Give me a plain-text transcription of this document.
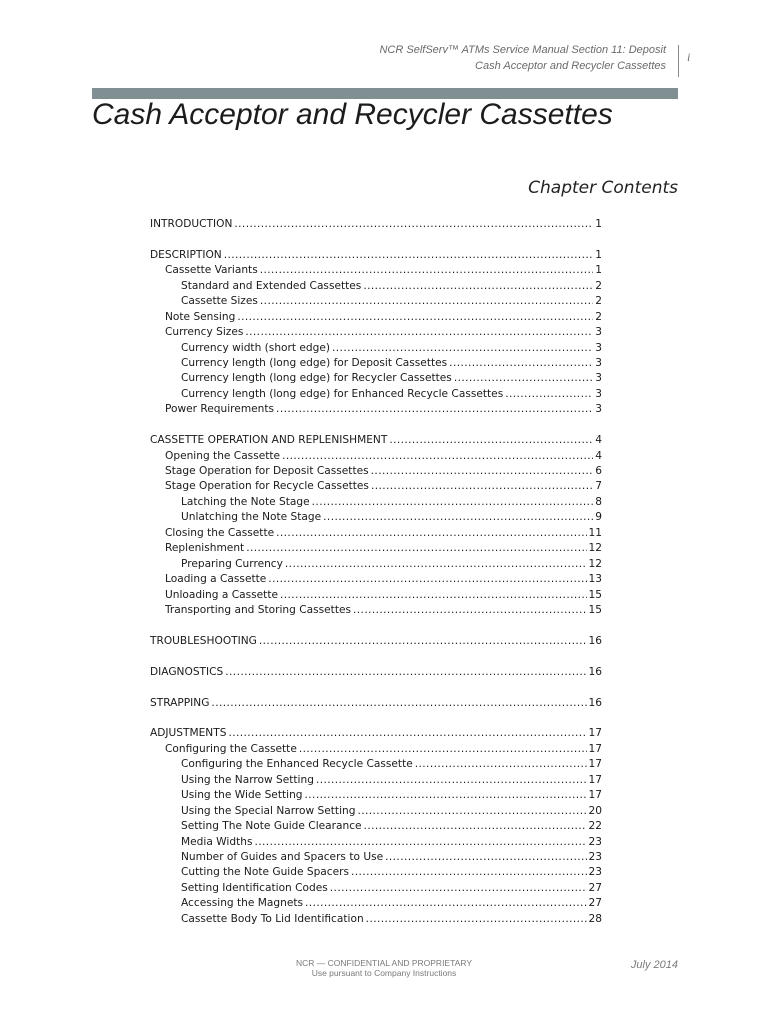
NCR SelfServ™ ATMs Service Manual Section 11: Deposit
Cash Acceptor and Recycler Cassettes
i
Cash Acceptor and Recycler Cassettes
Chapter Contents
INTRODUCTION .....	1
DESCRIPTION .....	1
Cassette Variants .....	1
Standard and Extended Cassettes .....	2
Cassette Sizes .....	2
Note Sensing .....	2
Currency Sizes .....	3
Currency width (short edge) .....	3
Currency length (long edge) for Deposit Cassettes .....	3
Currency length (long edge) for Recycler Cassettes .....	3
Currency length (long edge) for Enhanced Recycle Cassettes .....	3
Power Requirements .....	3
CASSETTE OPERATION AND REPLENISHMENT .....	4
Opening the Cassette .....	4
Stage Operation for Deposit Cassettes .....	6
Stage Operation for Recycle Cassettes .....	7
Latching the Note Stage .....	8
Unlatching the Note Stage .....	9
Closing the Cassette .....	11
Replenishment .....	12
Preparing Currency .....	12
Loading a Cassette .....	13
Unloading a Cassette .....	15
Transporting and Storing Cassettes .....	15
TROUBLESHOOTING .....	16
DIAGNOSTICS .....	16
STRAPPING .....	16
ADJUSTMENTS .....	17
Configuring the Cassette .....	17
Configuring the Enhanced Recycle Cassette .....	17
Using the Narrow Setting .....	17
Using the Wide Setting .....	17
Using the Special Narrow Setting .....	20
Setting The Note Guide Clearance .....	22
Media Widths .....	23
Number of Guides and Spacers to Use .....	23
Cutting the Note Guide Spacers .....	23
Setting Identification Codes .....	27
Accessing the Magnets .....	27
Cassette Body To Lid Identification .....	28
NCR — CONFIDENTIAL AND PROPRIETARY
Use pursuant to Company Instructions
July 2014
